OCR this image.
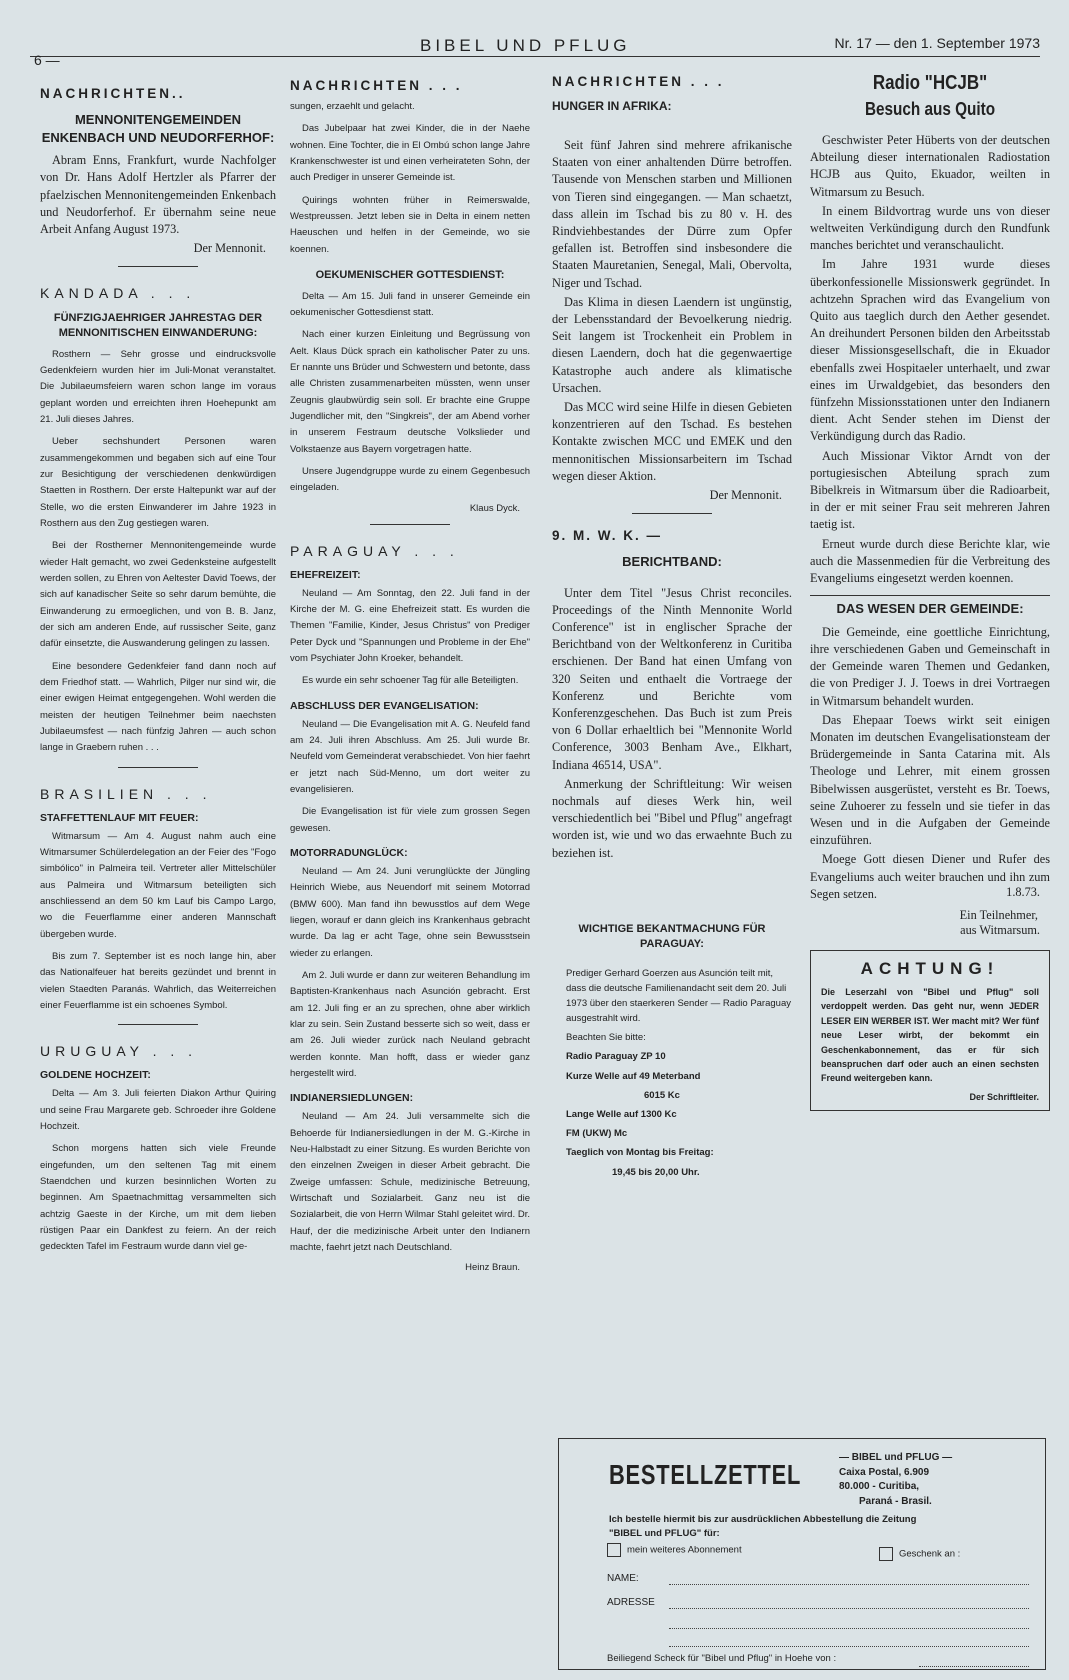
6 —
BIBEL UND PFLUG	Nr. 17 — den 1. September 1973
NACHRICHTEN..
MENNONITENGEMEINDEN ENKENBACH UND NEUDORFERHOF:

Abram Enns, Frankfurt, wurde Nachfolger von Dr. Hans Adolf Hertzler als Pfarrer der pfaelzischen Mennonitengemeinden Enkenbach und Neudorferhof. Er übernahm seine neue Arbeit Anfang August 1973.

Der Mennonit.
KANDADA . . .
FÜNFZIGJAEHRIGER JAHRESTAG DER MENNONITISCHEN EINWANDERUNG:

Rosthern — Sehr grosse und eindrucksvolle Gedenkfeiern wurden hier im Juli-Monat veranstaltet. Die Jubilaeumsfeiern waren schon lange im voraus geplant worden und erreichten ihren Hoehepunkt am 21. Juli dieses Jahres.

Ueber sechshundert Personen waren zusammengekommen und begaben sich auf eine Tour zur Besichtigung der verschiedenen denkwürdigen Staetten in Rosthern. Der erste Haltepunkt war auf der Stelle, wo die ersten Einwanderer im Jahre 1923 in Rosthern aus den Zug gestiegen waren.

Bei der Rostherner Mennonitengemeinde wurde wieder Halt gemacht, wo zwei Gedenksteine aufgestellt werden sollen, zu Ehren von Aeltester David Toews, der sich auf kanadischer Seite so sehr darum bemühte, die Einwanderung zu ermoeglichen, und von B. B. Janz, der sich am anderen Ende, auf russischer Seite, ganz dafür einsetzte, die Auswanderung gelingen zu lassen.

Eine besondere Gedenkfeier fand dann noch auf dem Friedhof statt. — Wahrlich, Pilger nur sind wir, die einer ewigen Heimat entgegengehen. Wohl werden die meisten der heutigen Teilnehmer beim naechsten Jubilaeumsfest — nach fünfzig Jahren — auch schon lange in Graebern ruhen . . .

BRASILIEN . . .
STAFFETTENLAUF MIT FEUER:

Witmarsum — Am 4. August nahm auch eine Witmarsumer Schülerdelegation an der Feier des "Fogo simbólico" in Palmeira teil. Vertreter aller Mittelschüler aus Palmeira und Witmarsum beteiligten sich anschliessend an dem 50 km Lauf bis Campo Largo, wo die Feuerflamme einer anderen Mannschaft übergeben wurde.

Bis zum 7. September ist es noch lange hin, aber das Nationalfeuer hat bereits gezündet und brennt in vielen Staedten Paranás. Wahrlich, das Weiterreichen einer Feuerflamme ist ein schoenes Symbol.

URUGUAY . . .
GOLDENE HOCHZEIT:

Delta — Am 3. Juli feierten Diakon Arthur Quiring und seine Frau Margarete geb. Schroeder ihre Goldene Hochzeit.

Schon morgens hatten sich viele Freunde eingefunden, um den seltenen Tag mit einem Staendchen und kurzen besinnlichen Worten zu beginnen. Am Spaetnachmittag versammelten sich achtzig Gaeste in der Kirche, um mit dem lieben rüstigen Paar ein Dankfest zu feiern. An der reich gedeckten Tafel im Festraum wurde dann viel ge-

NACHRICHTEN . . .

sungen, erzaehlt und gelacht.

Das Jubelpaar hat zwei Kinder, die in der Naehe wohnen. Eine Tochter, die in El Ombú schon lange Jahre Krankenschwester ist und einen verheirateten Sohn, der auch Prediger in unserer Gemeinde ist.

Quirings wohnten früher in Reimerswalde, Westpreussen. Jetzt leben sie in Delta in einem netten Haeuschen und helfen in der Gemeinde, wo sie koennen.

OEKUMENISCHER GOTTESDIENST:

Delta — Am 15. Juli fand in unserer Gemeinde ein oekumenischer Gottesdienst statt.

Nach einer kurzen Einleitung und Begrüssung von Aelt. Klaus Dück sprach ein katholischer Pater zu uns. Er nannte uns Brüder und Schwestern und betonte, dass alle Christen zusammenarbeiten müssten, wenn unser Zeugnis glaubwürdig sein soll. Er brachte eine Gruppe Jugendlicher mit, den "Singkreis", der am Abend vorher in unserem Festraum deutsche Volkslieder und Volkstaenze aus Bayern vorgetragen hatte.

Unsere Jugendgruppe wurde zu einem Gegenbesuch eingeladen.

Klaus Dyck.
PARAGUAY . . .
EHEFREIZEIT:

Neuland — Am Sonntag, den 22. Juli fand in der Kirche der M. G. eine Ehefreizeit statt. Es wurden die Themen "Familie, Kinder, Jesus Christus" von Prediger Peter Dyck und "Spannungen und Probleme in der Ehe" vom Psychiater John Kroeker, behandelt.

Es wurde ein sehr schoener Tag für alle Beteiligten.

ABSCHLUSS DER EVANGELISATION:

Neuland — Die Evangelisation mit A. G. Neufeld fand am 24. Juli ihren Abschluss. Am 25. Juli wurde Br. Neufeld vom Gemeinderat verabschiedet. Von hier faehrt er jetzt nach Süd-Menno, um dort weiter zu evangelisieren.

Die Evangelisation ist für viele zum grossen Segen gewesen.

MOTORRADUNGLÜCK:

Neuland — Am 24. Juni verunglückte der Jüngling Heinrich Wiebe, aus Neuendorf mit seinem Motorrad (BMW 600). Man fand ihn bewusstlos auf dem Wege liegen, worauf er dann gleich ins Krankenhaus gebracht wurde. Da lag er acht Tage, ohne sein Bewusstsein wieder zu erlangen.

Am 2. Juli wurde er dann zur weiteren Behandlung im Baptisten-Krankenhaus nach Asunción gebracht. Erst am 12. Juli fing er an zu sprechen, ohne aber wirklich klar zu sein. Sein Zustand besserte sich so weit, dass er am 26. Juli wieder zurück nach Neuland gebracht werden konnte. Man hofft, dass er wieder ganz hergestellt wird.

INDIANERSIEDLUNGEN:

Neuland — Am 24. Juli versammelte sich die Behoerde für Indianersiedlungen in der M. G.-Kirche in Neu-Halbstadt zu einer Sitzung. Es wurden Berichte von den einzelnen Zweigen in dieser Arbeit gebracht. Die Zweige umfassen: Schule, medizinische Betreuung, Wirtschaft und Sozialarbeit. Ganz neu ist die Sozialarbeit, die von Herrn Wilmar Stahl geleitet wird. Dr. Hauf, der die medizinische Arbeit unter den Indianern machte, faehrt jetzt nach Deutschland.

Heinz Braun.
NACHRICHTEN . . .
HUNGER IN AFRIKA:

Seit fünf Jahren sind mehrere afrikanische Staaten von einer anhaltenden Dürre betroffen. Tausende von Menschen starben und Millionen von Tieren sind eingegangen. — Man schaetzt, dass allein im Tschad bis zu 80 v. H. des Rindviehbestandes der Dürre zum Opfer gefallen ist. Betroffen sind insbesondere die Staaten Mauretanien, Senegal, Mali, Obervolta, Niger und Tschad.

Das Klima in diesen Laendern ist ungünstig, der Lebensstandard der Bevoelkerung niedrig. Seit langem ist Trockenheit ein Problem in diesen Laendern, doch hat die gegenwaertige Katastrophe auch andere als klimatische Ursachen.

Das MCC wird seine Hilfe in diesen Gebieten konzentrieren auf den Tschad. Es bestehen Kontakte zwischen MCC und EMEK und den mennonitischen Missionsarbeitern im Tschad wegen dieser Aktion.

Der Mennonit.
9. M. W. K. —
BERICHTBAND:

Unter dem Titel "Jesus Christ reconciles. Proceedings of the Ninth Mennonite World Conference" ist in englischer Sprache der Berichtband von der Weltkonferenz in Curitiba erschienen. Der Band hat einen Umfang von 320 Seiten und enthaelt die Vortraege der Konferenz und Berichte vom Konferenzgeschehen. Das Buch ist zum Preis von 6 Dollar erhaeltlich bei "Mennonite World Conference, 3003 Benham Ave., Elkhart, Indiana 46514, USA".

Anmerkung der Schriftleitung: Wir weisen nochmals auf dieses Werk hin, weil verschiedentlich bei "Bibel und Pflug" angefragt worden ist, wie und wo das erwaehnte Buch zu beziehen ist.

WICHTIGE BEKANTMACHUNG FÜR PARAGUAY:

Prediger Gerhard Goerzen aus Asunción teilt mit, dass die deutsche Familienandacht seit dem 20. Juli 1973 über den staerkeren Sender — Radio Paraguay ausgestrahlt wird.

Beachten Sie bitte:

Radio Paraguay ZP 10

Kurze Welle auf 49 Meterband

6015 Kc

Lange Welle auf 1300 Kc

FM (UKW) Mc

Taeglich von Montag bis Freitag:

19,45 bis 20,00 Uhr.

Radio "HCJB"
Besuch aus Quito

Geschwister Peter Hüberts von der deutschen Abteilung dieser internationalen Radiostation HCJB aus Quito, Ekuador, weilten in Witmarsum zu Besuch.

In einem Bildvortrag wurde uns von dieser weltweiten Verkündigung durch den Rundfunk manches berichtet und veranschaulicht.

Im Jahre 1931 wurde dieses überkonfessionelle Missionswerk gegründet. In achtzehn Sprachen wird das Evangelium von Quito aus taeglich durch den Aether gesendet. An dreihundert Personen bilden den Arbeitsstab dieser Missionsgesellschaft, die in Ekuador ebenfalls zwei Hospitaeler unterhaelt, und zwar eines im Urwaldgebiet, das besonders den fünfzehn Missionsstationen unter den Indianern dient. Acht Sender stehen im Dienst der Verkündigung durch das Radio.

Auch Missionar Viktor Arndt von der portugiesischen Abteilung sprach zum Bibelkreis in Witmarsum über die Radioarbeit, in der er mit seiner Frau seit mehreren Jahren taetig ist.

Erneut wurde durch diese Berichte klar, wie auch die Massenmedien für die Verbreitung des Evangeliums eingesetzt werden koennen.

DAS WESEN DER GEMEINDE:

Die Gemeinde, eine goettliche Einrichtung, ihre verschiedenen Gaben und Gemeinschaft in der Gemeinde waren Themen und Gedanken, die von Prediger J. J. Toews in drei Vortraegen in Witmarsum behandelt wurden.

Das Ehepaar Toews wirkt seit einigen Monaten im deutschen Evangelisationsteam der Brüdergemeinde in Santa Catarina mit. Als Theologe und Lehrer, mit einem grossen Bibelwissen ausgerüstet, versteht es Br. Toews, seine Zuhoerer zu fesseln und sie tiefer in das Wesen und in die Aufgaben der Gemeinde einzuführen.

Moege Gott diesen Diener und Rufer des Evangeliums auch weiter brauchen und ihn zum Segen setzen.	1.8.73.
Ein Teilnehmer,
aus Witmarsum.
ACHTUNG!
Die Leserzahl von "Bibel und Pflug" soll verdoppelt werden. Das geht nur, wenn JEDER LESER EIN WERBER IST. Wer macht mit? Wer fünf neue Leser wirbt, der bekommt ein Geschenkabonnement, das er für sich beanspruchen darf oder auch an einen sechsten Freund weitergeben kann.
Der Schriftleiter.
BESTELLZETTEL
— BIBEL und PFLUG —
Caixa Postal, 6.909
80.000 - Curitiba,
Paraná - Brasil.
Ich bestelle hiermit bis zur ausdrücklichen Abbestellung die Zeitung
"BIBEL und PFLUG" für:
mein weiteres Abonnement	Geschenk an :
NAME:
ADRESSE
Beiliegend Scheck für "Bibel und Pflug" in Hoehe von :
